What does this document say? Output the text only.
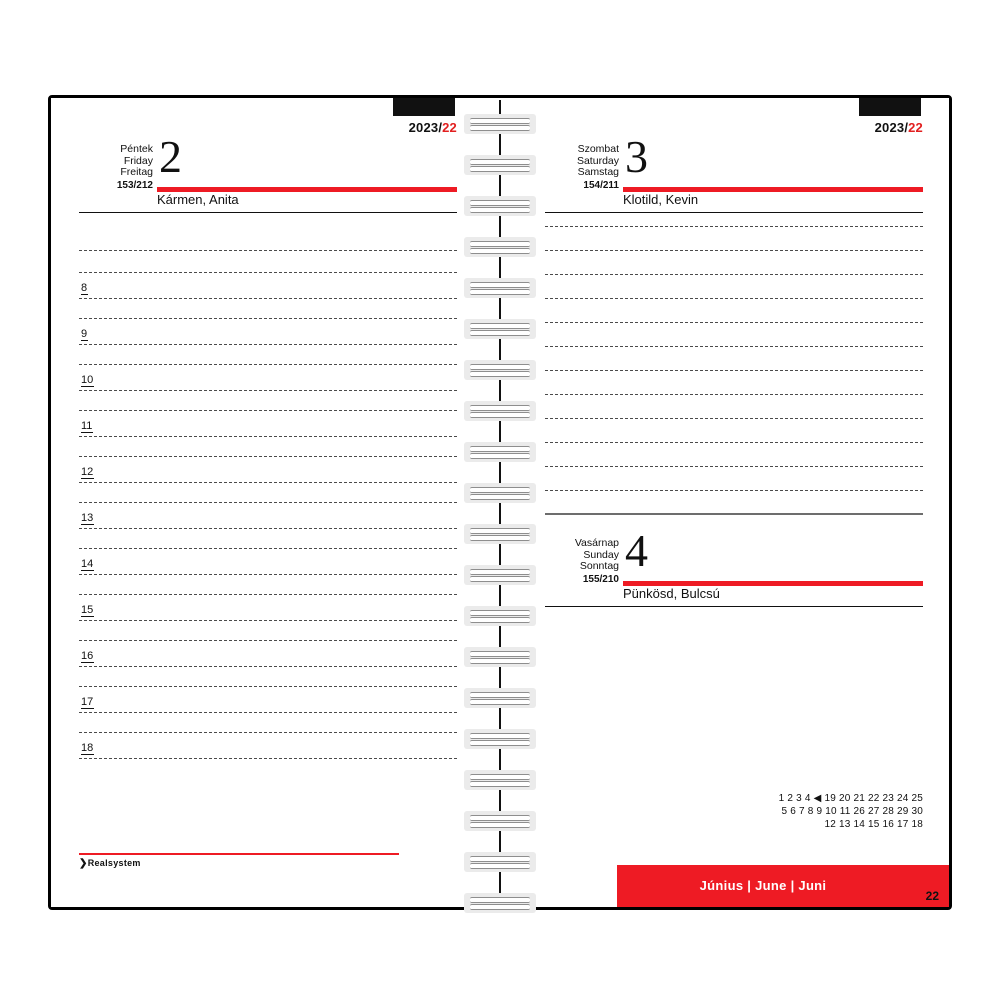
2023/22
Péntek
Friday
Freitag
153/212
2
Kármen, Anita
8
9
10
11
12
13
14
15
16
17
18
❯Realsystem
2023/22
Szombat
Saturday
Samstag
154/211
3
Klotild, Kevin
Vasárnap
Sunday
Sonntag
155/210
4
Pünkösd, Bulcsú
1 2 3 4 ◀ 19 20 21 22 23 24 25
5 6 7 8 9 10 11 26 27 28 29 30
12 13 14 15 16 17 18
Június | June | Juni
22
